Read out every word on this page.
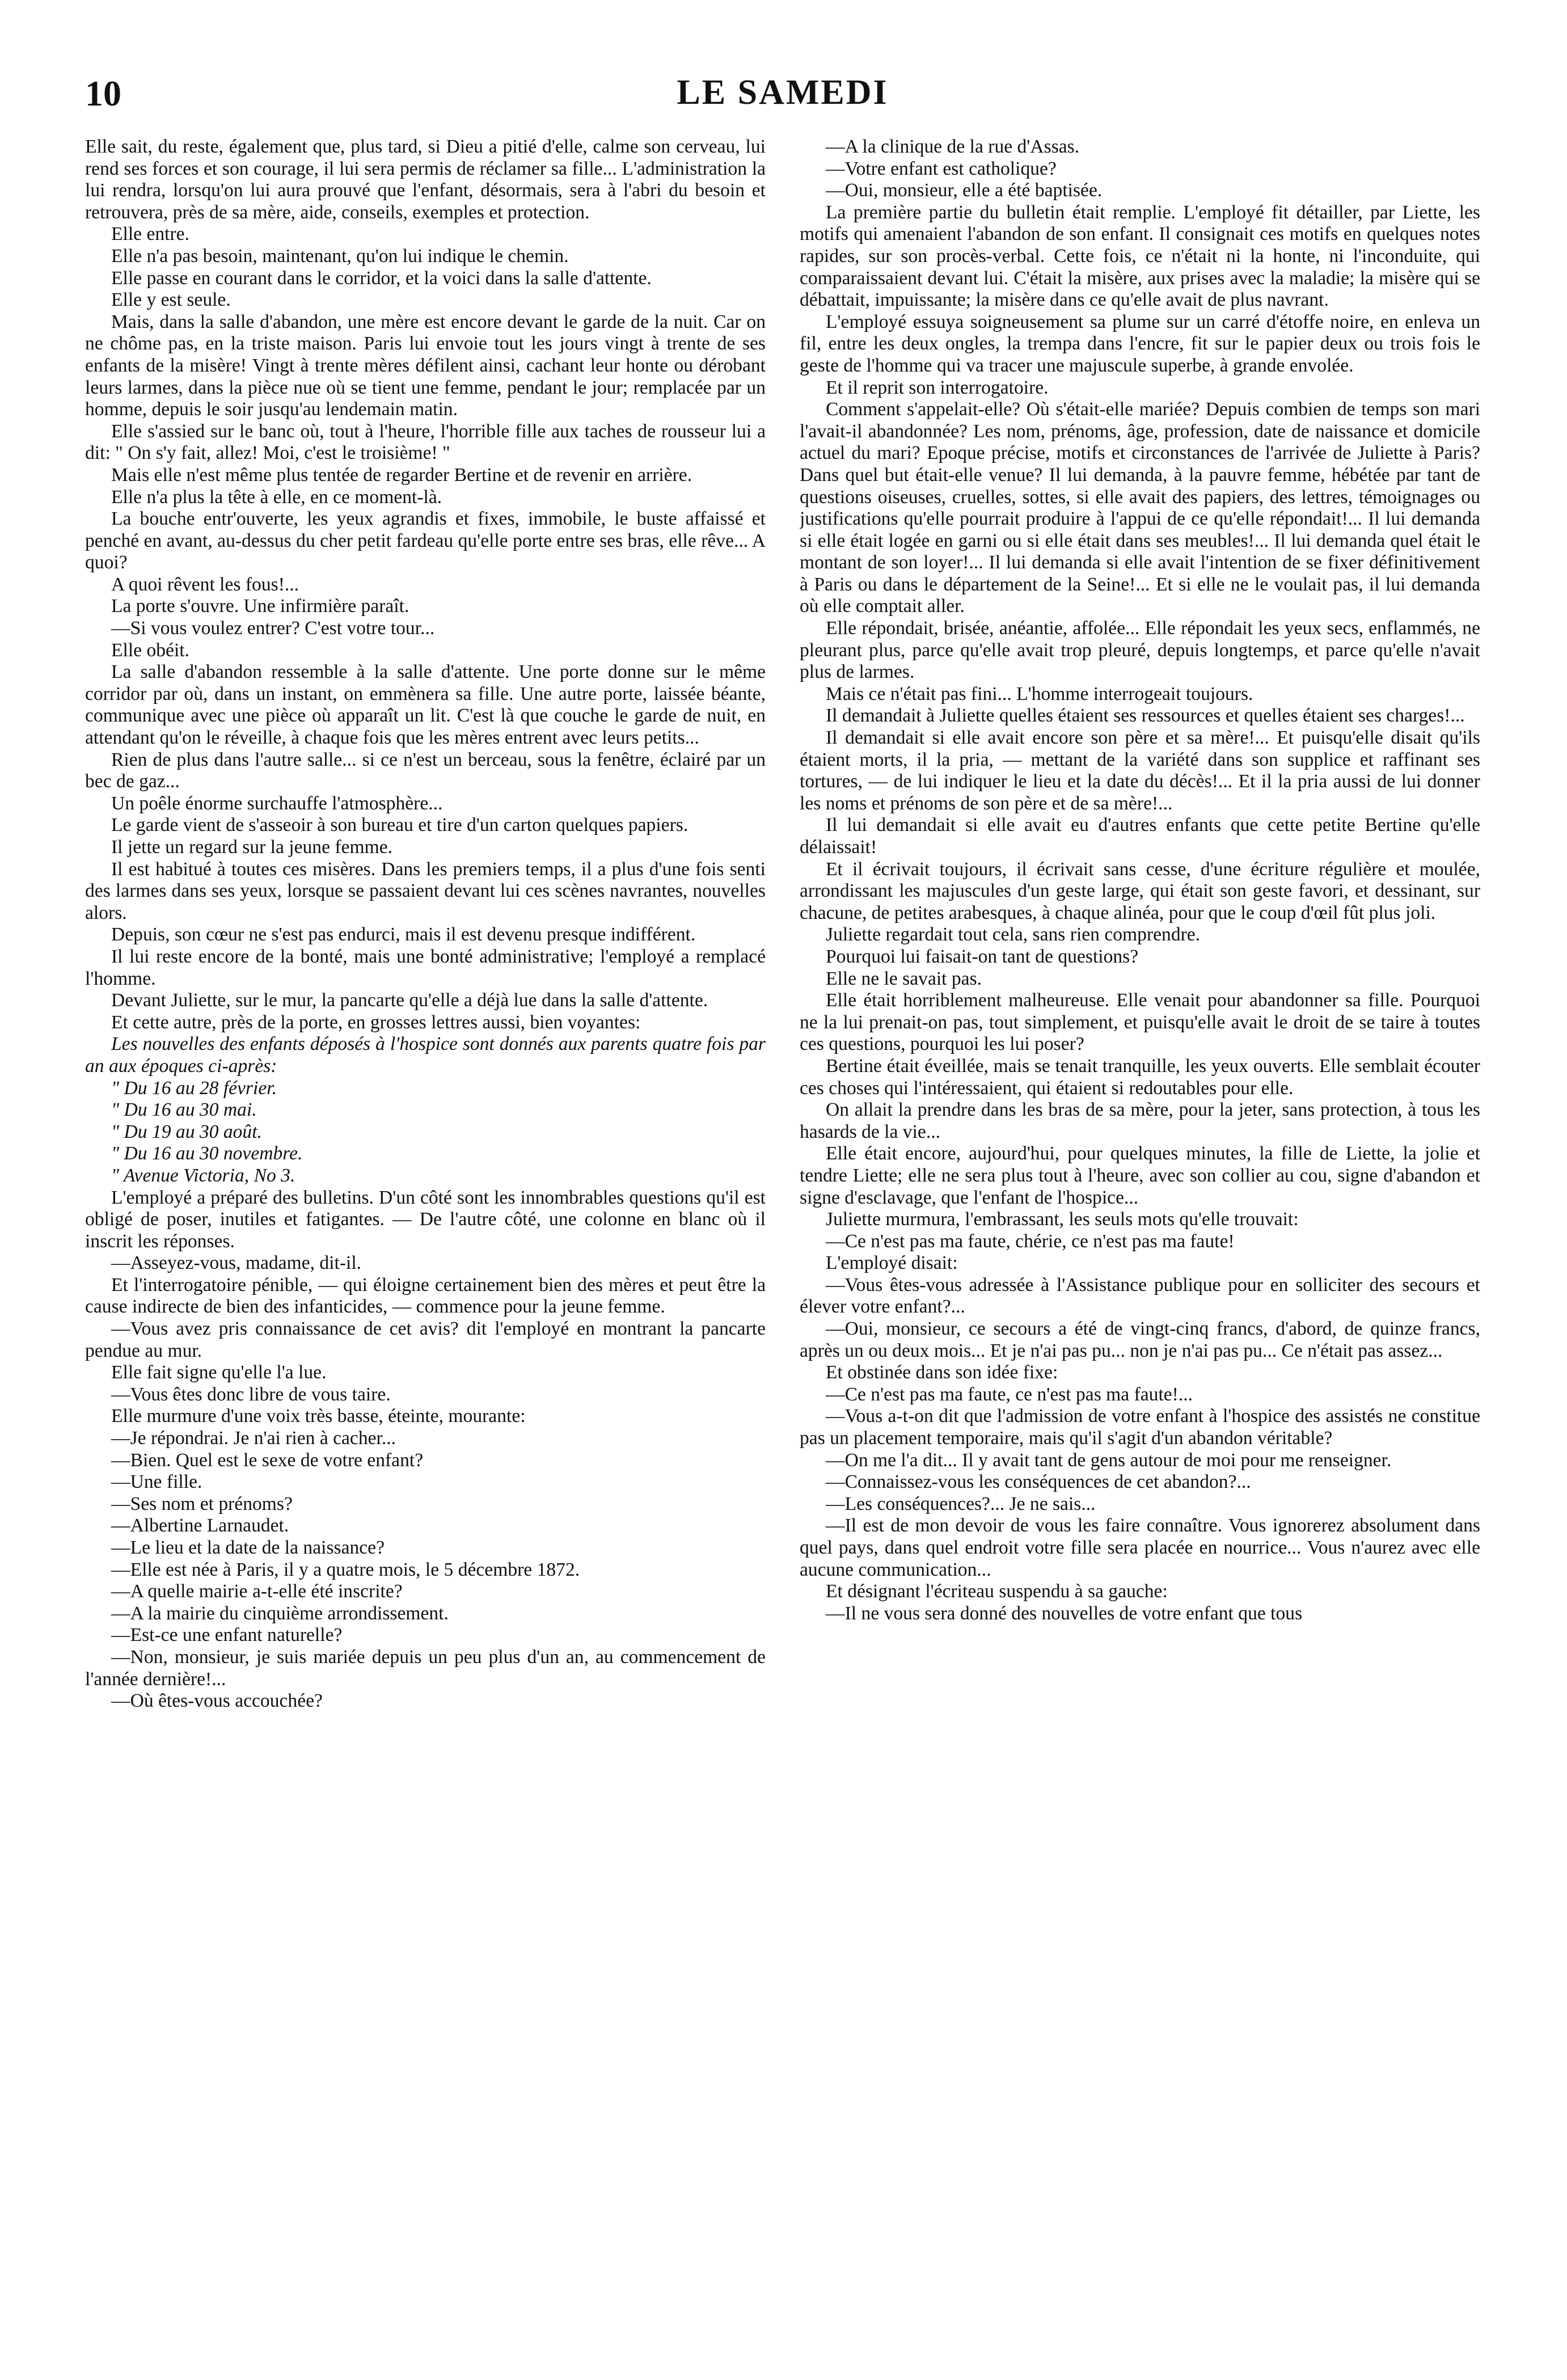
10	LE SAMEDI

Elle sait, du reste, également que, plus tard, si Dieu a pitié d'elle, calme son cerveau, lui rend ses forces et son courage, il lui sera permis de réclamer sa fille... L'administration la lui rendra, lorsqu'on lui aura prouvé que l'enfant, désormais, sera à l'abri du besoin et retrouvera, près de sa mère, aide, conseils, exemples et protection.

Elle entre.

Elle n'a pas besoin, maintenant, qu'on lui indique le chemin.

Elle passe en courant dans le corridor, et la voici dans la salle d'attente.

Elle y est seule.

Mais, dans la salle d'abandon, une mère est encore devant le garde de la nuit. Car on ne chôme pas, en la triste maison. Paris lui envoie tout les jours vingt à trente de ses enfants de la misère! Vingt à trente mères défilent ainsi, cachant leur honte ou dérobant leurs larmes, dans la pièce nue où se tient une femme, pendant le jour; remplacée par un homme, depuis le soir jusqu'au lendemain matin.

Elle s'assied sur le banc où, tout à l'heure, l'horrible fille aux taches de rousseur lui a dit: " On s'y fait, allez! Moi, c'est le troisième! "

Mais elle n'est même plus tentée de regarder Bertine et de revenir en arrière.

Elle n'a plus la tête à elle, en ce moment-là.

La bouche entr'ouverte, les yeux agrandis et fixes, immobile, le buste affaissé et penché en avant, au-dessus du cher petit fardeau qu'elle porte entre ses bras, elle rêve... A quoi?

A quoi rêvent les fous!...

La porte s'ouvre. Une infirmière paraît.

—Si vous voulez entrer? C'est votre tour...

Elle obéit.

La salle d'abandon ressemble à la salle d'attente. Une porte donne sur le même corridor par où, dans un instant, on emmènera sa fille. Une autre porte, laissée béante, communique avec une pièce où apparaît un lit. C'est là que couche le garde de nuit, en attendant qu'on le réveille, à chaque fois que les mères entrent avec leurs petits...

Rien de plus dans l'autre salle... si ce n'est un berceau, sous la fenêtre, éclairé par un bec de gaz...

Un poêle énorme surchauffe l'atmosphère...

Le garde vient de s'asseoir à son bureau et tire d'un carton quelques papiers.

Il jette un regard sur la jeune femme.

Il est habitué à toutes ces misères. Dans les premiers temps, il a plus d'une fois senti des larmes dans ses yeux, lorsque se passaient devant lui ces scènes navrantes, nouvelles alors.

Depuis, son cœur ne s'est pas endurci, mais il est devenu presque indifférent.

Il lui reste encore de la bonté, mais une bonté administrative; l'employé a remplacé l'homme.

Devant Juliette, sur le mur, la pancarte qu'elle a déjà lue dans la salle d'attente.

Et cette autre, près de la porte, en grosses lettres aussi, bien voyantes:

Les nouvelles des enfants déposés à l'hospice sont donnés aux parents quatre fois par an aux époques ci-après:

" Du 16 au 28 février.

" Du 16 au 30 mai.

" Du 19 au 30 août.

" Du 16 au 30 novembre.

" Avenue Victoria, No 3.

L'employé a préparé des bulletins. D'un côté sont les innombrables questions qu'il est obligé de poser, inutiles et fatigantes. — De l'autre côté, une colonne en blanc où il inscrit les réponses.

—Asseyez-vous, madame, dit-il.

Et l'interrogatoire pénible, — qui éloigne certainement bien des mères et peut être la cause indirecte de bien des infanticides, — commence pour la jeune femme.

—Vous avez pris connaissance de cet avis? dit l'employé en montrant la pancarte pendue au mur.

Elle fait signe qu'elle l'a lue.

—Vous êtes donc libre de vous taire.

Elle murmure d'une voix très basse, éteinte, mourante:

—Je répondrai. Je n'ai rien à cacher...

—Bien. Quel est le sexe de votre enfant?

—Une fille.

—Ses nom et prénoms?

—Albertine Larnaudet.

—Le lieu et la date de la naissance?

—Elle est née à Paris, il y a quatre mois, le 5 décembre 1872.

—A quelle mairie a-t-elle été inscrite?

—A la mairie du cinquième arrondissement.

—Est-ce une enfant naturelle?

—Non, monsieur, je suis mariée depuis un peu plus d'un an, au commencement de l'année dernière!...

—Où êtes-vous accouchée?

—A la clinique de la rue d'Assas.

—Votre enfant est catholique?

—Oui, monsieur, elle a été baptisée.

La première partie du bulletin était remplie. L'employé fit détailler, par Liette, les motifs qui amenaient l'abandon de son enfant. Il consignait ces motifs en quelques notes rapides, sur son procès-verbal. Cette fois, ce n'était ni la honte, ni l'inconduite, qui comparaissaient devant lui. C'était la misère, aux prises avec la maladie; la misère qui se débattait, impuissante; la misère dans ce qu'elle avait de plus navrant.

L'employé essuya soigneusement sa plume sur un carré d'étoffe noire, en enleva un fil, entre les deux ongles, la trempa dans l'encre, fit sur le papier deux ou trois fois le geste de l'homme qui va tracer une majuscule superbe, à grande envolée.

Et il reprit son interrogatoire.

Comment s'appelait-elle? Où s'était-elle mariée? Depuis combien de temps son mari l'avait-il abandonnée? Les nom, prénoms, âge, profession, date de naissance et domicile actuel du mari? Epoque précise, motifs et circonstances de l'arrivée de Juliette à Paris? Dans quel but était-elle venue? Il lui demanda, à la pauvre femme, hébétée par tant de questions oiseuses, cruelles, sottes, si elle avait des papiers, des lettres, témoignages ou justifications qu'elle pourrait produire à l'appui de ce qu'elle répondait!... Il lui demanda si elle était logée en garni ou si elle était dans ses meubles!... Il lui demanda quel était le montant de son loyer!... Il lui demanda si elle avait l'intention de se fixer définitivement à Paris ou dans le département de la Seine!... Et si elle ne le voulait pas, il lui demanda où elle comptait aller.

Elle répondait, brisée, anéantie, affolée... Elle répondait les yeux secs, enflammés, ne pleurant plus, parce qu'elle avait trop pleuré, depuis longtemps, et parce qu'elle n'avait plus de larmes.

Mais ce n'était pas fini... L'homme interrogeait toujours.

Il demandait à Juliette quelles étaient ses ressources et quelles étaient ses charges!...

Il demandait si elle avait encore son père et sa mère!... Et puisqu'elle disait qu'ils étaient morts, il la pria, — mettant de la variété dans son supplice et raffinant ses tortures, — de lui indiquer le lieu et la date du décès!... Et il la pria aussi de lui donner les noms et prénoms de son père et de sa mère!...

Il lui demandait si elle avait eu d'autres enfants que cette petite Bertine qu'elle délaissait!

Et il écrivait toujours, il écrivait sans cesse, d'une écriture régulière et moulée, arrondissant les majuscules d'un geste large, qui était son geste favori, et dessinant, sur chacune, de petites arabesques, à chaque alinéa, pour que le coup d'œil fût plus joli.

Juliette regardait tout cela, sans rien comprendre.

Pourquoi lui faisait-on tant de questions?

Elle ne le savait pas.

Elle était horriblement malheureuse. Elle venait pour abandonner sa fille. Pourquoi ne la lui prenait-on pas, tout simplement, et puisqu'elle avait le droit de se taire à toutes ces questions, pourquoi les lui poser?

Bertine était éveillée, mais se tenait tranquille, les yeux ouverts. Elle semblait écouter ces choses qui l'intéressaient, qui étaient si redoutables pour elle.

On allait la prendre dans les bras de sa mère, pour la jeter, sans protection, à tous les hasards de la vie...

Elle était encore, aujourd'hui, pour quelques minutes, la fille de Liette, la jolie et tendre Liette; elle ne sera plus tout à l'heure, avec son collier au cou, signe d'abandon et signe d'esclavage, que l'enfant de l'hospice...

Juliette murmura, l'embrassant, les seuls mots qu'elle trouvait:

—Ce n'est pas ma faute, chérie, ce n'est pas ma faute!

L'employé disait:

—Vous êtes-vous adressée à l'Assistance publique pour en solliciter des secours et élever votre enfant?...

—Oui, monsieur, ce secours a été de vingt-cinq francs, d'abord, de quinze francs, après un ou deux mois... Et je n'ai pas pu... non je n'ai pas pu... Ce n'était pas assez...

Et obstinée dans son idée fixe:

—Ce n'est pas ma faute, ce n'est pas ma faute!...

—Vous a-t-on dit que l'admission de votre enfant à l'hospice des assistés ne constitue pas un placement temporaire, mais qu'il s'agit d'un abandon véritable?

—On me l'a dit... Il y avait tant de gens autour de moi pour me renseigner.

—Connaissez-vous les conséquences de cet abandon?...

—Les conséquences?... Je ne sais...

—Il est de mon devoir de vous les faire connaître. Vous ignorerez absolument dans quel pays, dans quel endroit votre fille sera placée en nourrice... Vous n'aurez avec elle aucune communication...

Et désignant l'écriteau suspendu à sa gauche:

—Il ne vous sera donné des nouvelles de votre enfant que tous
